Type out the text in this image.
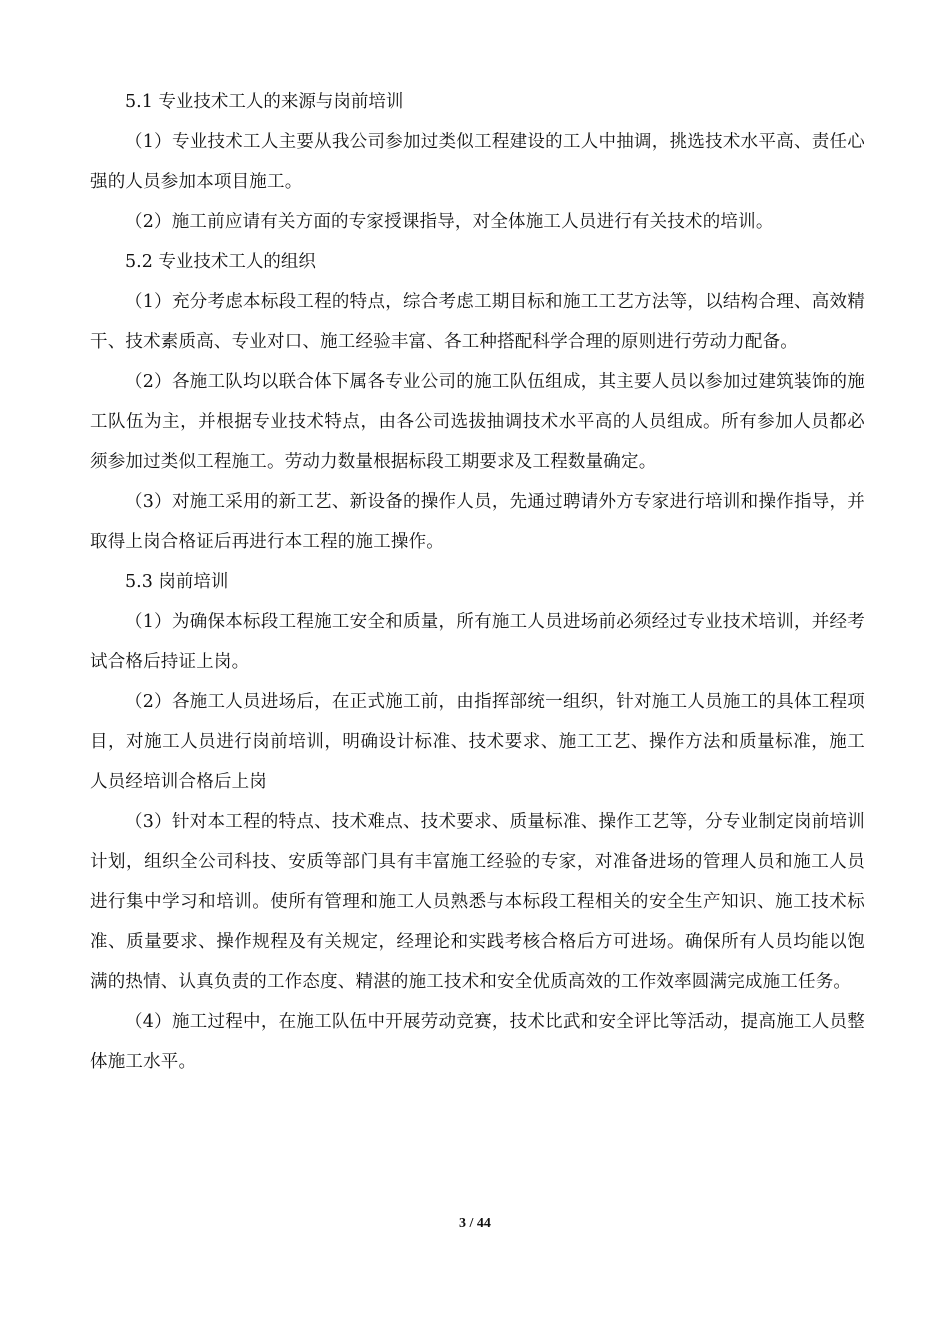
5.1 专业技术工人的来源与岗前培训

（1）专业技术工人主要从我公司参加过类似工程建设的工人中抽调，挑选技术水平高、责任心强的人员参加本项目施工。

（2）施工前应请有关方面的专家授课指导，对全体施工人员进行有关技术的培训。

5.2 专业技术工人的组织

（1）充分考虑本标段工程的特点，综合考虑工期目标和施工工艺方法等，以结构合理、高效精干、技术素质高、专业对口、施工经验丰富、各工种搭配科学合理的原则进行劳动力配备。

（2）各施工队均以联合体下属各专业公司的施工队伍组成，其主要人员以参加过建筑装饰的施工队伍为主，并根据专业技术特点，由各公司选拔抽调技术水平高的人员组成。所有参加人员都必须参加过类似工程施工。劳动力数量根据标段工期要求及工程数量确定。

（3）对施工采用的新工艺、新设备的操作人员，先通过聘请外方专家进行培训和操作指导，并取得上岗合格证后再进行本工程的施工操作。

5.3 岗前培训

（1）为确保本标段工程施工安全和质量，所有施工人员进场前必须经过专业技术培训，并经考试合格后持证上岗。

（2）各施工人员进场后，在正式施工前，由指挥部统一组织，针对施工人员施工的具体工程项目，对施工人员进行岗前培训，明确设计标准、技术要求、施工工艺、操作方法和质量标准，施工人员经培训合格后上岗

（3）针对本工程的特点、技术难点、技术要求、质量标准、操作工艺等，分专业制定岗前培训计划，组织全公司科技、安质等部门具有丰富施工经验的专家，对准备进场的管理人员和施工人员进行集中学习和培训。使所有管理和施工人员熟悉与本标段工程相关的安全生产知识、施工技术标准、质量要求、操作规程及有关规定，经理论和实践考核合格后方可进场。确保所有人员均能以饱满的热情、认真负责的工作态度、精湛的施工技术和安全优质高效的工作效率圆满完成施工任务。

（4）施工过程中，在施工队伍中开展劳动竞赛，技术比武和安全评比等活动，提高施工人员整体施工水平。

3 / 44
